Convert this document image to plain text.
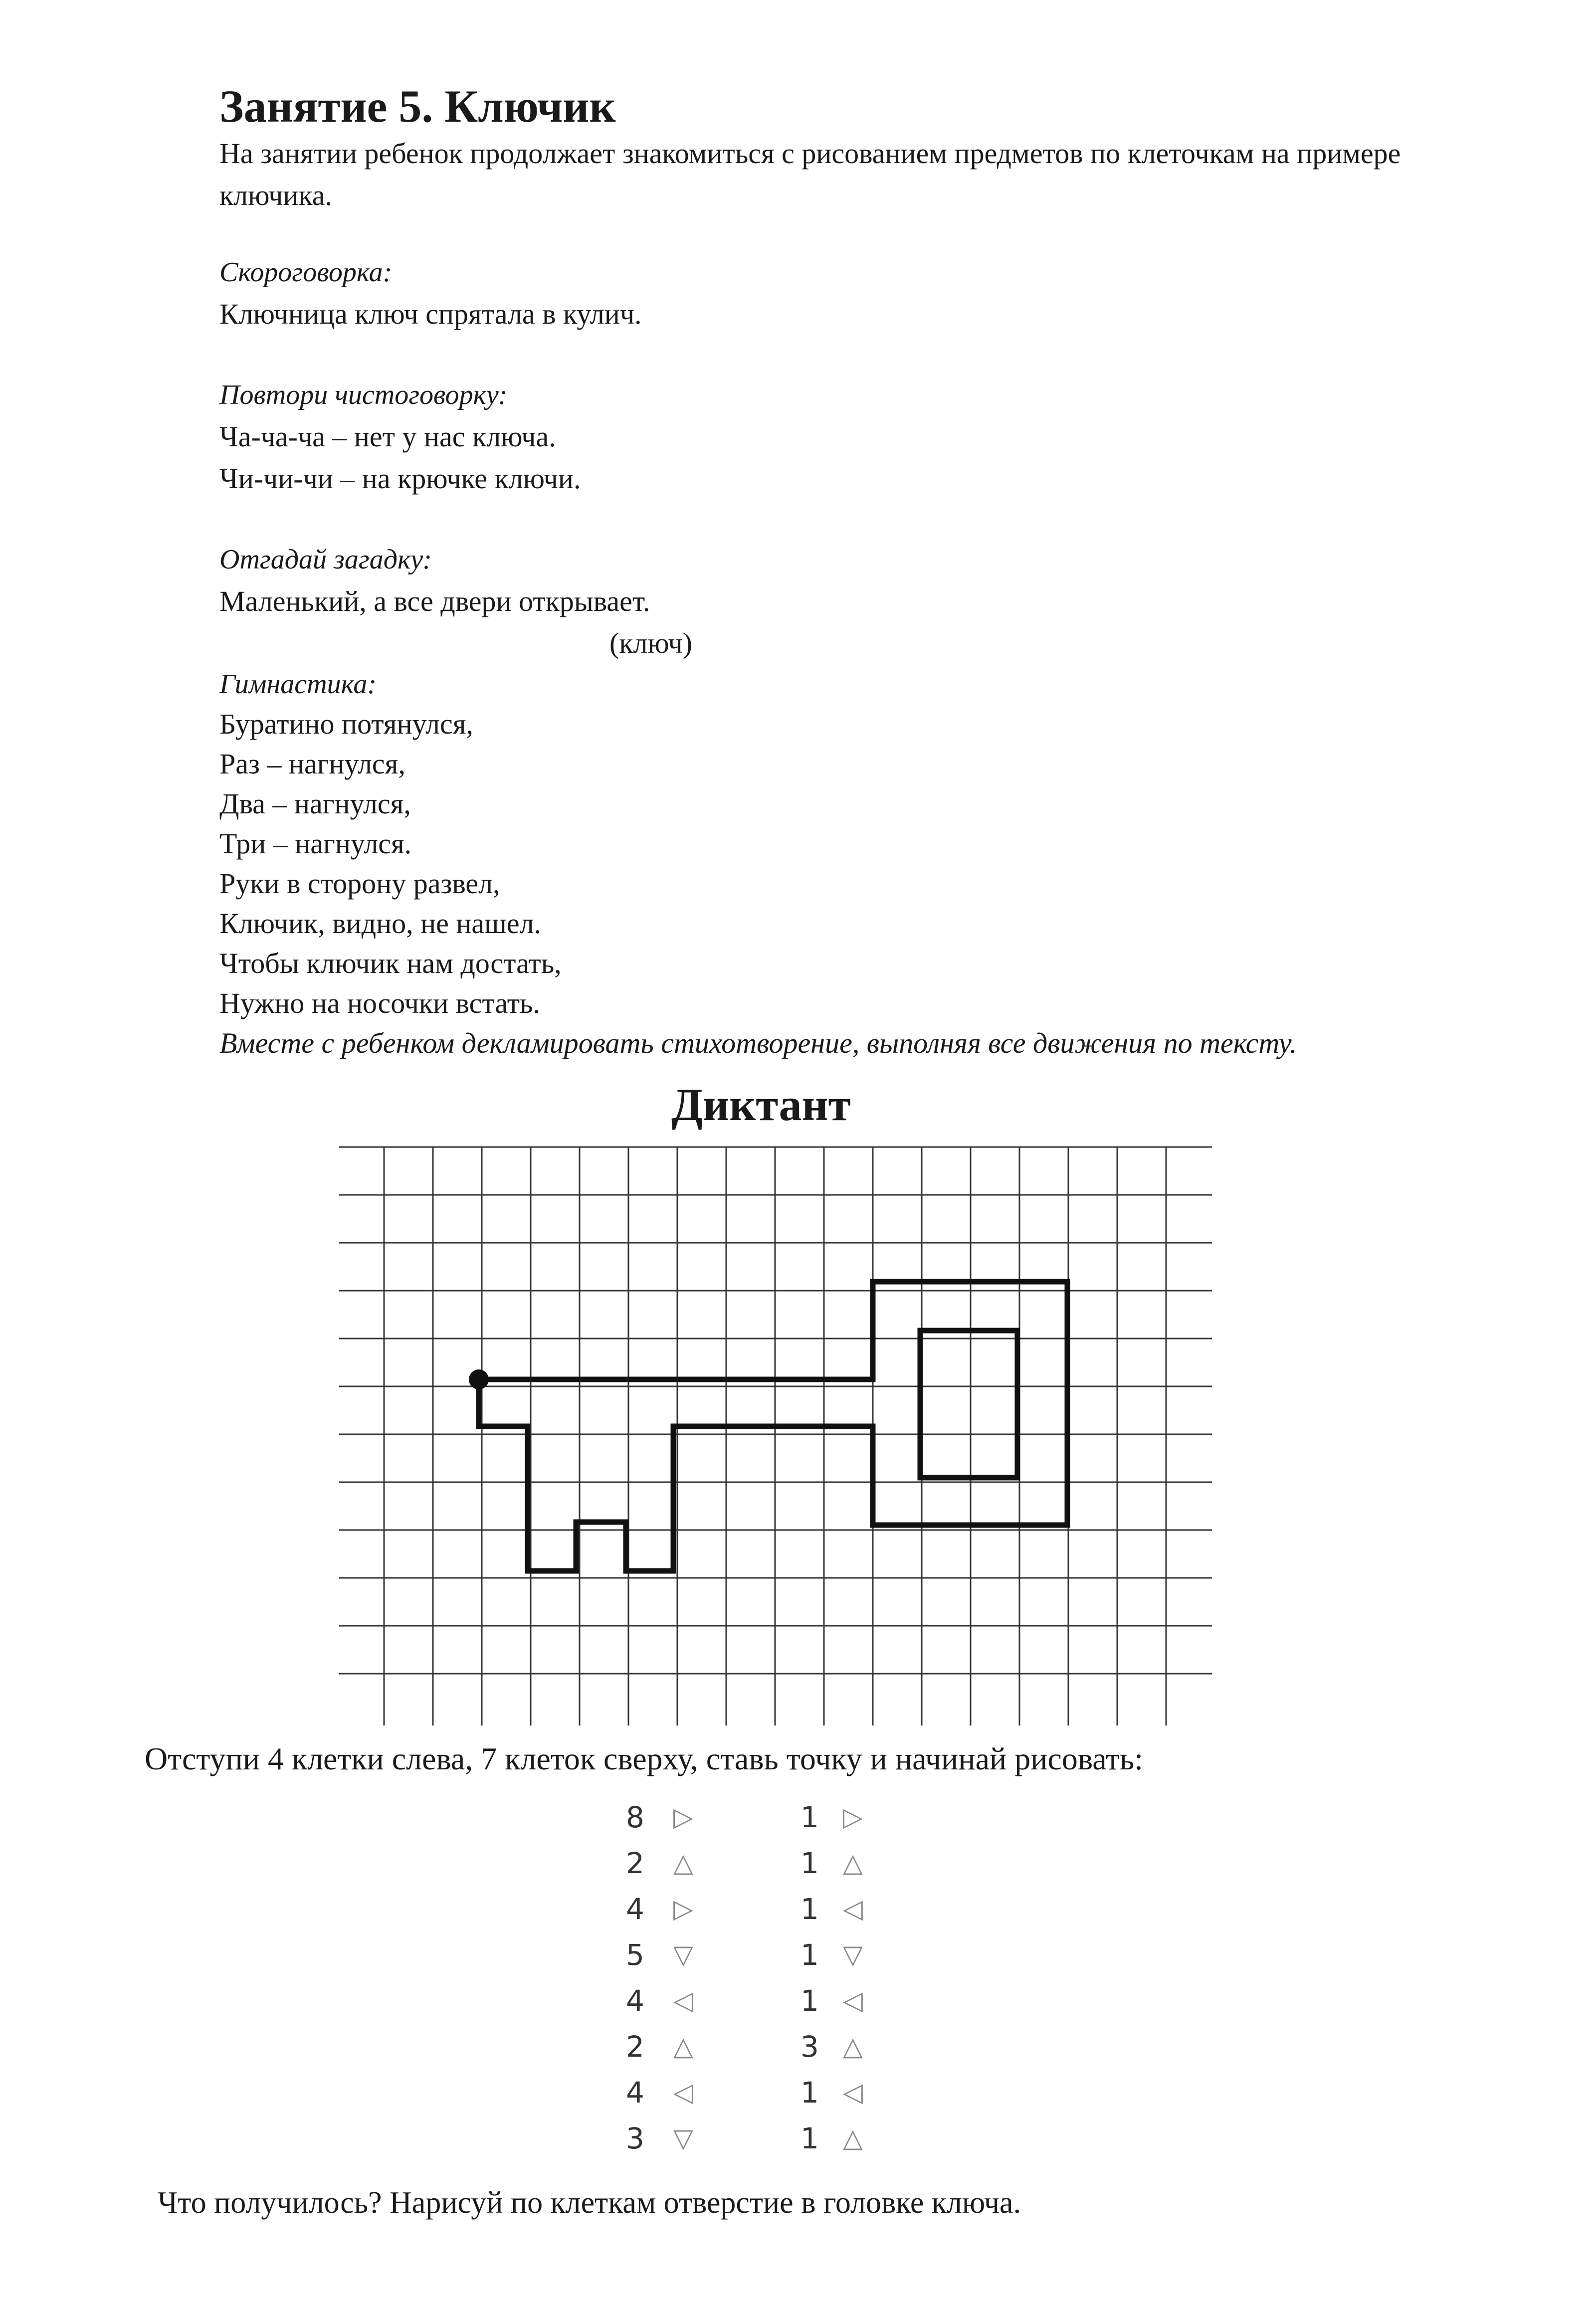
Занятие 5. Ключик
На занятии ребенок продолжает знакомиться с рисованием предметов по клеточкам на примере ключика.
Скороговорка:
Ключница ключ спрятала в кулич.
Повтори чистоговорку:
Ча-ча-ча – нет у нас ключа.
Чи-чи-чи – на крючке ключи.
Отгадай загадку:
Маленький, а все двери открывает.
(ключ)
Гимнастика:
Буратино потянулся,
Раз – нагнулся,
Два – нагнулся,
Три – нагнулся.
Руки в сторону развел,
Ключик, видно, не нашел.
Чтобы ключик нам достать,
Нужно на носочки встать.
Вместе с ребенком декламировать стихотворение, выполняя все движения по тексту.
Диктант
Отступи 4 клетки слева, 7 клеток сверху, ставь точку и начинай рисовать:
8 ▷
2 △
4 ▷
5 ▽
4 ◁
2 △
4 ◁
3 ▽
1 ▷
1 △
1 ◁
1 ▽
1 ◁
3 △
1 ◁
1 △
Что получилось? Нарисуй по клеткам отверстие в головке ключа.
